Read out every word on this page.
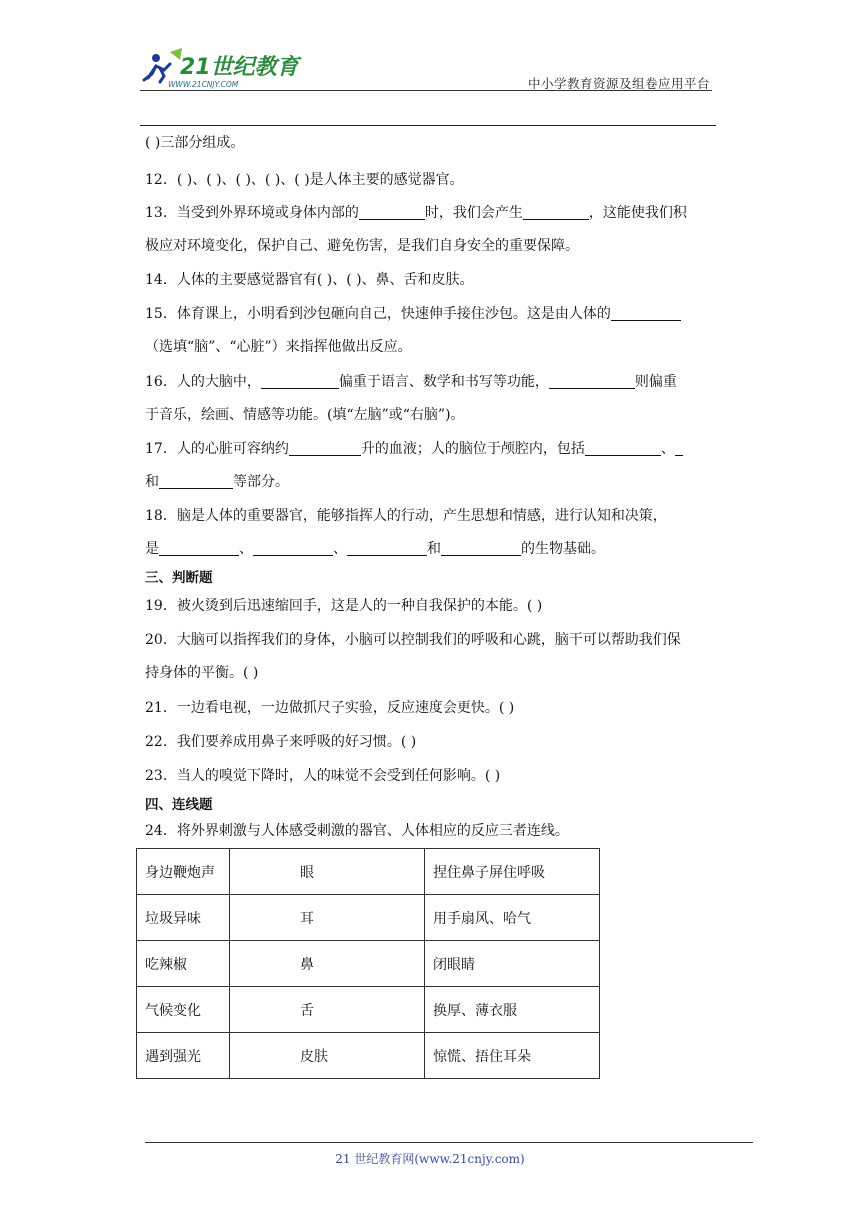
21世纪教育
WWW.21CNJY.COM	中小学教育资源及组卷应用平台
( )三部分组成。
12．( )、( )、( )、( )、( )是人体主要的感觉器官。
13．当受到外界环境或身体内部的	时，我们会产生	，这能使我们积
极应对环境变化，保护自己、避免伤害，是我们自身安全的重要保障。
14．人体的主要感觉器官有( )、( )、鼻、舌和皮肤。
15．体育课上，小明看到沙包砸向自己，快速伸手接住沙包。这是由人体的
（选填“脑”、“心脏”）来指挥他做出反应。
16．人的大脑中，	偏重于语言、数学和书写等功能，	则偏重
于音乐，绘画、情感等功能。(填“左脑”或“右脑”)。
17．人的心脏可容纳约	升的血液；人的脑位于颅腔内，包括	、
和	等部分。
18．脑是人体的重要器官，能够指挥人的行动，产生思想和情感，进行认知和决策，
是	、	、	和	的生物基础。
三、判断题
19．被火烫到后迅速缩回手，这是人的一种自我保护的本能。( )
20．大脑可以指挥我们的身体，小脑可以控制我们的呼吸和心跳，脑干可以帮助我们保
持身体的平衡。( )
21．一边看电视，一边做抓尺子实验，反应速度会更快。( )
22．我们要养成用鼻子来呼吸的好习惯。( )
23．当人的嗅觉下降时，人的味觉不会受到任何影响。( )
四、连线题
24．将外界刺激与人体感受刺激的器官、人体相应的反应三者连线。
身边鞭炮声	眼	捏住鼻子屏住呼吸
垃圾异味	耳	用手扇风、哈气
吃辣椒	鼻	闭眼睛
气候变化	舌	换厚、薄衣服
遇到强光	皮肤	惊慌、捂住耳朵
21 世纪教育网(www.21cnjy.com)
